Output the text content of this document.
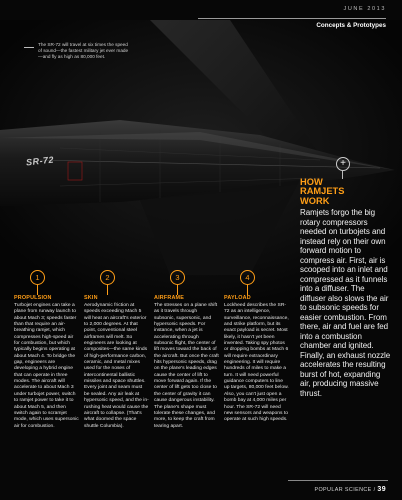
JUNE 2013
Concepts & Prototypes
The SR-72 will travel at six times the speed of sound—the fastest military jet ever made—and fly as high as 80,000 feet.
SR-72	+
HOW
RAMJETS
WORK
Ramjets forgo the big rotary compressors needed on turbojets and instead rely on their own forward motion to compress air. First, air is scooped into an inlet and compressed as it funnels into a diffuser. The diffuser also slows the air to subsonic speeds for easier combustion. From there, air and fuel are fed into a combustion chamber and ignited. Finally, an exhaust nozzle accelerates the resulting burst of hot, expanding air, producing massive thrust.
1
PROPULSION
Turbojet engines can take a plane from runway launch to about Mach 3; speeds faster than that require an air-breathing ramjet, which compresses high-speed air for combustion, but which typically begins operating at about Mach 4. To bridge the gap, engineers are developing a hybrid engine that can operate in three modes. The aircraft will accelerate to about Mach 3 under turbojet power, switch to ramjet power to take it to about Mach 5, and then switch again to scramjet mode, which uses supersonic air for combustion.
2
SKIN
Aerodynamic friction at speeds exceeding Mach 5 will heat an aircraft's exterior to 2,000 degrees. At that point, conventional steel airframes will melt. So engineers are looking at composites—the same kinds of high-performance carbon, ceramic, and metal mixes used for the noses of intercontinental ballistic missiles and space shuttles. Every joint and seam must be sealed. Any air leak at hypersonic speed, and the in-rushing heat would cause the aircraft to collapse. (That's what doomed the space shuttle Columbia).
3
AIRFRAME
The stresses on a plane shift as it travels through subsonic, supersonic, and hypersonic speeds. For instance, when a jet is accelerating through subsonic flight, the center of lift moves toward the back of the aircraft. But once the craft hits hypersonic speeds, drag on the plane's leading edges cause the center of lift to move forward again. If the center of lift gets too close to the center of gravity it can cause dangerous instability. The plane's shape must tolerate these changes, and more, to keep the craft from tearing apart.
4
PAYLOAD
Lockheed describes the SR-72 as an intelligence, surveillance, reconnaissance, and strike platform, but its exact payload is secret. Most likely, it hasn't yet been invented. Taking spy photos or dropping bombs at Mach 6 will require extraordinary engineering. It will require hundreds of miles to make a turn. It will need powerful guidance computers to line up targets, 80,000 feet below. Also, you can't just open a bomb bay at 4,000 miles per hour. The SR-72 will need new sensors and weapons to operate at such high speeds.
POPULAR SCIENCE / 39
